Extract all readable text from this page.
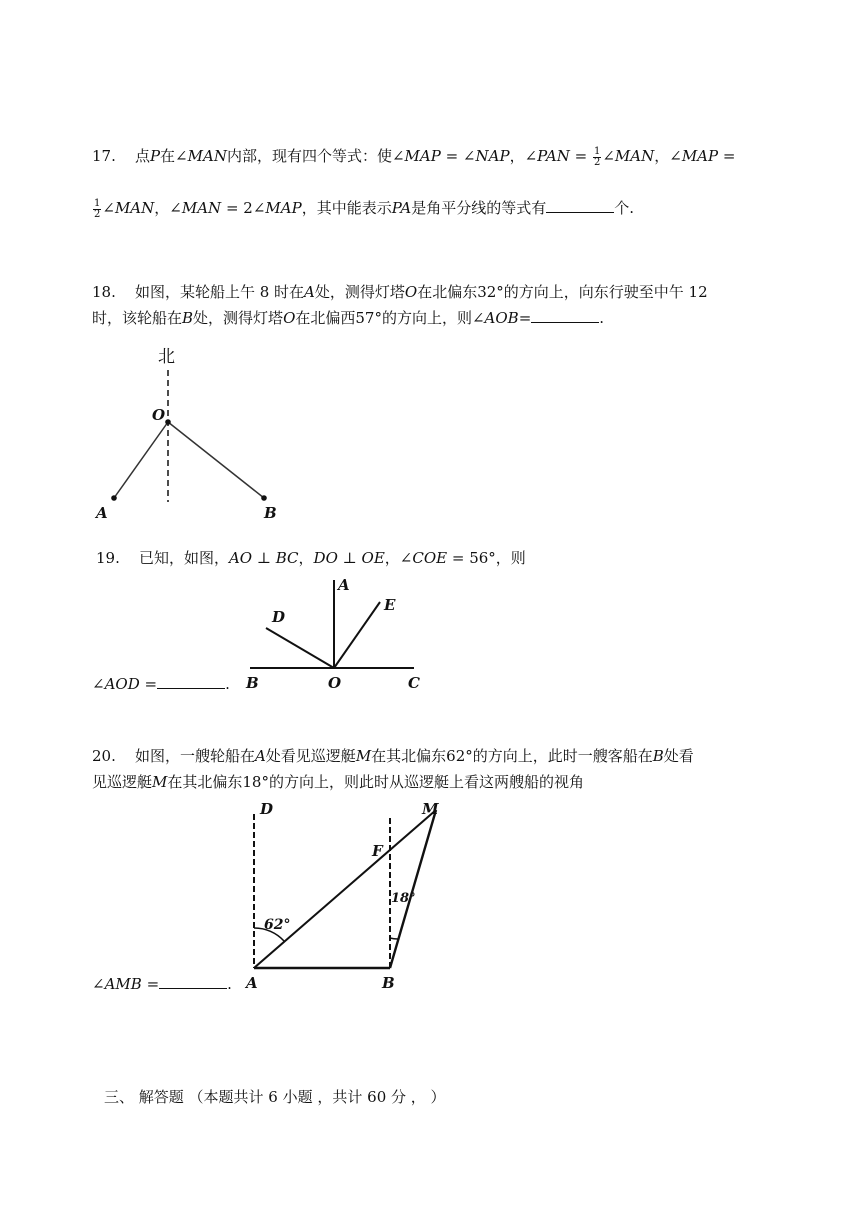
17. 点P在∠MAN内部，现有四个等式：使∠MAP = ∠NAP，∠PAN = $\frac{1}{2}$ ∠MAN，∠MAP =
$\frac{1}{2}$ ∠MAN，∠MAN = 2∠MAP，其中能表示PA是角平分线的等式有	个.
18. 如图，某轮船上午 8 时在A处，测得灯塔O在北偏东32°的方向上，向东行驶至中午 12
时，该轮船在B处，测得灯塔O在北偏西57°的方向上，则∠AOB=	.
北
O
A	B
19. 已知，如图，AO ⊥ BC，DO ⊥ OE，∠COE = 56°，则
∠AOD =	.
A
D
E
B	O	C
20. 如图，一艘轮船在A处看见巡逻艇M在其北偏东62°的方向上，此时一艘客船在B处看
见巡逻艇M在其北偏东18°的方向上，则此时从巡逻艇上看这两艘船的视角
∠AMB =	.
D	M
F
62°
18°
A	B
三、 解答题 （本题共计 6 小题 ，共计 60 分 ， ）
